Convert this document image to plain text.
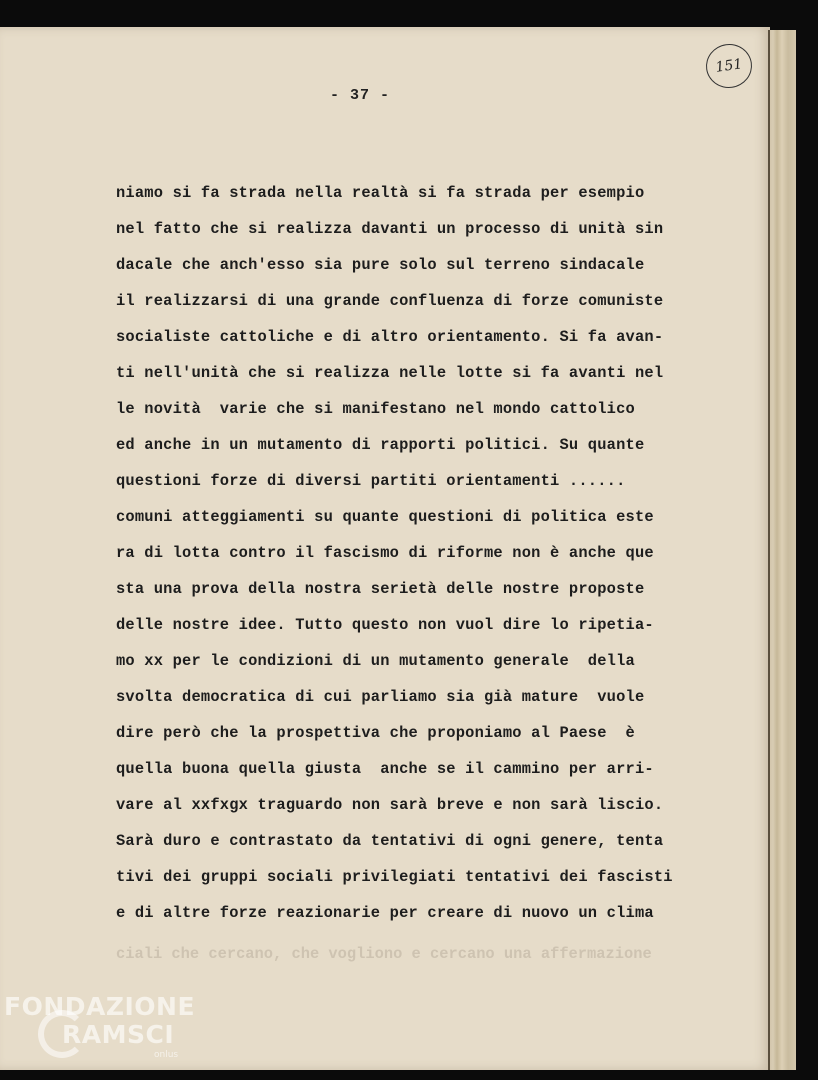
- 37 -
151
niamo si fa strada nella realtà si fa strada per esempio
nel fatto che si realizza davanti un processo di unità sin
dacale che anch'esso sia pure solo sul terreno sindacale
il realizzarsi di una grande confluenza di forze comuniste
socialiste cattoliche e di altro orientamento. Si fa avan-
ti nell'unità che si realizza nelle lotte si fa avanti nel
le novità  varie che si manifestano nel mondo cattolico
ed anche in un mutamento di rapporti politici. Su quante
questioni forze di diversi partiti orientamenti ......
comuni atteggiamenti su quante questioni di politica este
ra di lotta contro il fascismo di riforme non è anche que
sta una prova della nostra serietà delle nostre proposte
delle nostre idee. Tutto questo non vuol dire lo ripetia-
mo xx per le condizioni di un mutamento generale  della
svolta democratica di cui parliamo sia già mature  vuole
dire però che la prospettiva che proponiamo al Paese  è
quella buona quella giusta  anche se il cammino per arri-
vare al xxfxgx traguardo non sarà breve e non sarà liscio.
Sarà duro e contrastato da tentativi di ogni genere, tenta
tivi dei gruppi sociali privilegiati tentativi dei fascisti
e di altre forze reazionarie per creare di nuovo un clima
ciali che cercano, che vogliono e cercano una affermazione
FONDAZIONE
RAMSCI
onlus
